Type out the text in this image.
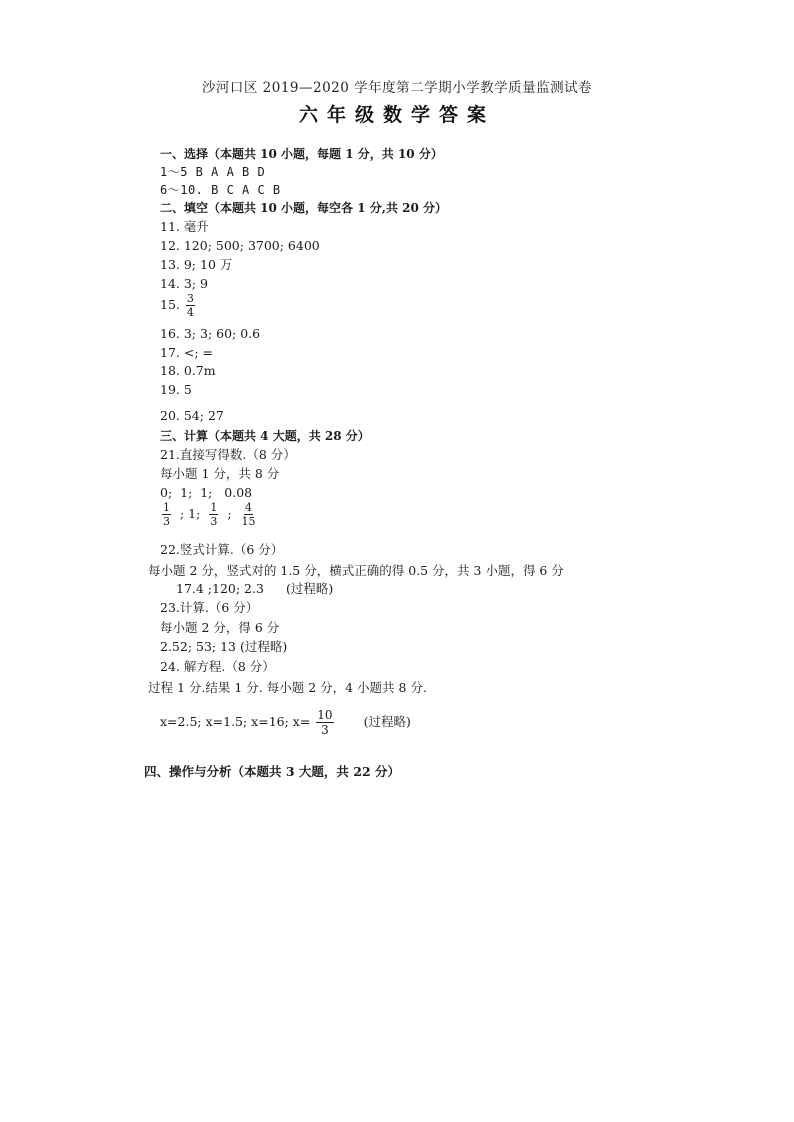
沙河口区 2019—2020 学年度第二学期小学教学质量监测试卷
六年级数学答案
一、选择（本题共 10 小题，每题 1 分，共 10 分）
1～5 B A A B D
6～10. B C A C B
二、填空（本题共 10 小题，每空各 1 分,共 20 分）
11. 毫升
12. 120; 500; 3700; 6400
13. 9; 10 万
14. 3; 9
15. $\frac{3}{4}$
16. 3; 3; 60; 0.6
17. <; =
18. 0.7m
19. 5
20. 54; 27
三、计算（本题共 4 大题，共 28 分）
21.直接写得数.（8 分）
每小题 1 分，共 8 分
0;  1;  1;   0.08
$\frac{1}{3}$ ; 1; $\frac{1}{3}$ ; $\frac{4}{15}$
22.竖式计算.（6 分）
每小题 2 分，竖式对的 1.5 分，横式正确的得 0.5 分，共 3 小题，得 6 分
17.4 ;120; 2.3 (过程略)
23.计算.（6 分）
每小题 2 分，得 6 分
2.52; 53; 13 (过程略)
24. 解方程.（8 分）
过程 1 分.结果 1 分. 每小题 2 分，4 小题共 8 分.
x=2.5; x=1.5; x=16; $x= \frac{10}{3}$ (过程略)
四、操作与分析（本题共 3 大题，共 22 分）
